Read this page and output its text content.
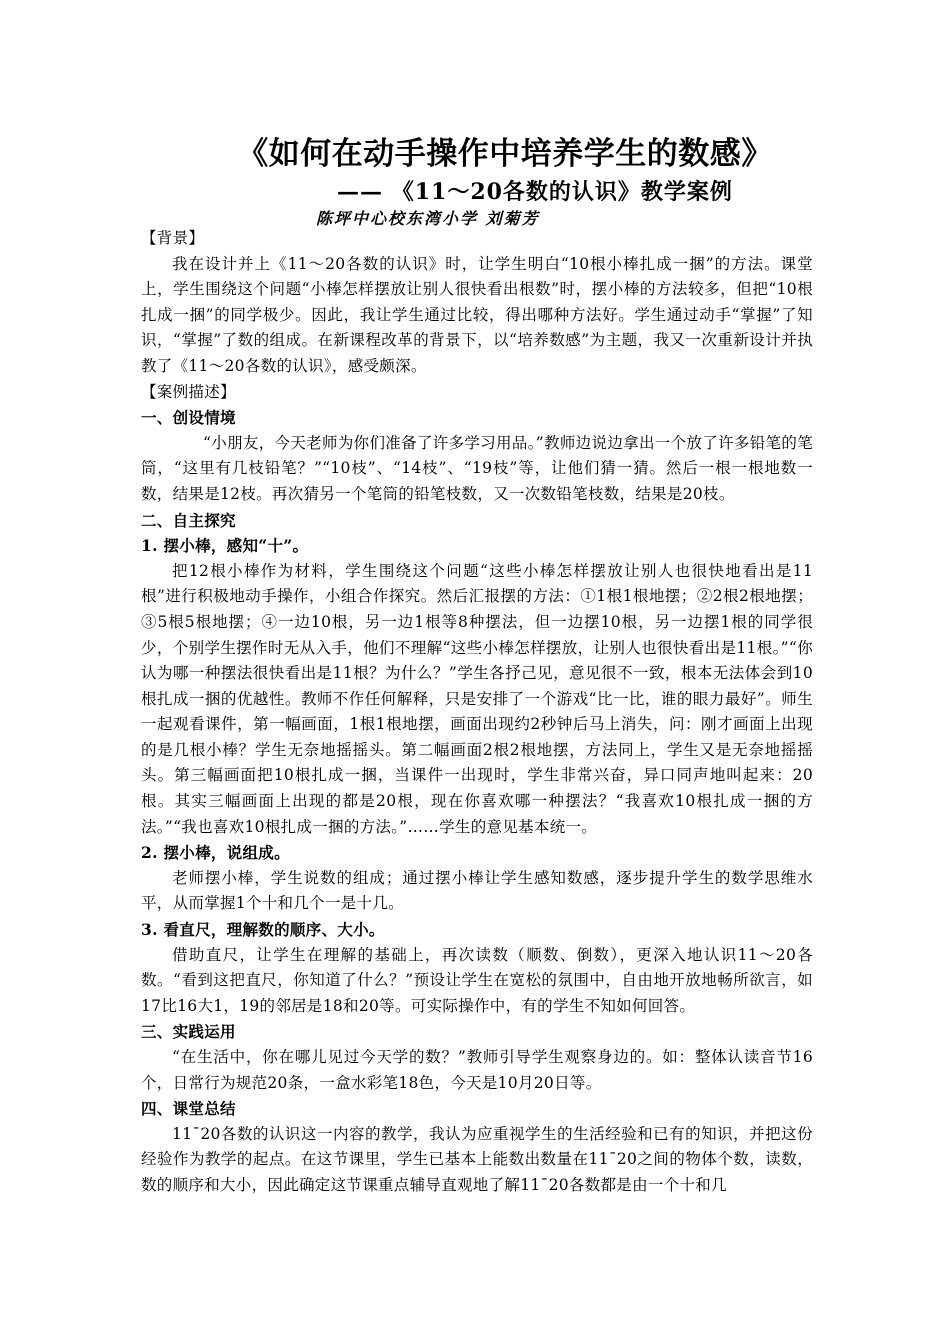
《如何在动手操作中培养学生的数感》
—— 《11～20各数的认识》教学案例
陈坪中心校东湾小学 刘菊芳

【背景】

我在设计并上《11～20各数的认识》时，让学生明白“10根小棒扎成一捆”的方法。课堂上，学生围绕这个问题“小棒怎样摆放让别人很快看出根数”时，摆小棒的方法较多，但把“10根扎成一捆”的同学极少。因此，我让学生通过比较，得出哪种方法好。学生通过动手“掌握”了知识，“掌握”了数的组成。在新课程改革的背景下，以“培养数感”为主题，我又一次重新设计并执教了《11～20各数的认识》，感受颇深。

【案例描述】

一、创设情境

“小朋友，今天老师为你们准备了许多学习用品。”教师边说边拿出一个放了许多铅笔的笔筒，“这里有几枝铅笔？”“10枝”、“14枝”、“19枝”等，让他们猜一猜。然后一根一根地数一数，结果是12枝。再次猜另一个笔筒的铅笔枝数，又一次数铅笔枝数，结果是20枝。

二、自主探究

1. 摆小棒，感知“十”。

把12根小棒作为材料，学生围绕这个问题“这些小棒怎样摆放让别人也很快地看出是11根”进行积极地动手操作，小组合作探究。然后汇报摆的方法：①1根1根地摆；②2根2根地摆；③5根5根地摆；④一边10根，另一边1根等8种摆法，但一边摆10根，另一边摆1根的同学很少，个别学生摆作时无从入手，他们不理解“这些小棒怎样摆放，让别人也很快看出是11根。”“你认为哪一种摆法很快看出是11根？为什么？”学生各抒己见，意见很不一致，根本无法体会到10根扎成一捆的优越性。教师不作任何解释，只是安排了一个游戏“比一比，谁的眼力最好”。师生一起观看课件，第一幅画面，1根1根地摆，画面出现约2秒钟后马上消失，问：刚才画面上出现的是几根小棒？学生无奈地摇摇头。第二幅画面2根2根地摆，方法同上，学生又是无奈地摇摇头。第三幅画面把10根扎成一捆，当课件一出现时，学生非常兴奋，异口同声地叫起来：20根。其实三幅画面上出现的都是20根，现在你喜欢哪一种摆法？“我喜欢10根扎成一捆的方法。”“我也喜欢10根扎成一捆的方法。”……学生的意见基本统一。

2. 摆小棒，说组成。

老师摆小棒，学生说数的组成；通过摆小棒让学生感知数感，逐步提升学生的数学思维水平，从而掌握1个十和几个一是十几。

3. 看直尺，理解数的顺序、大小。

借助直尺，让学生在理解的基础上，再次读数（顺数、倒数），更深入地认识11～20各数。“看到这把直尺，你知道了什么？”预设让学生在宽松的氛围中，自由地开放地畅所欲言，如17比16大1，19的邻居是18和20等。可实际操作中，有的学生不知如何回答。

三、实践运用

“在生活中，你在哪儿见过今天学的数？”教师引导学生观察身边的。如：整体认读音节16个，日常行为规范20条，一盒水彩笔18色，今天是10月20日等。

四、课堂总结

11¯20各数的认识这一内容的教学，我认为应重视学生的生活经验和已有的知识，并把这份经验作为教学的起点。在这节课里，学生已基本上能数出数量在11¯20之间的物体个数，读数，数的顺序和大小，因此确定这节课重点辅导直观地了解11¯20各数都是由一个十和几
